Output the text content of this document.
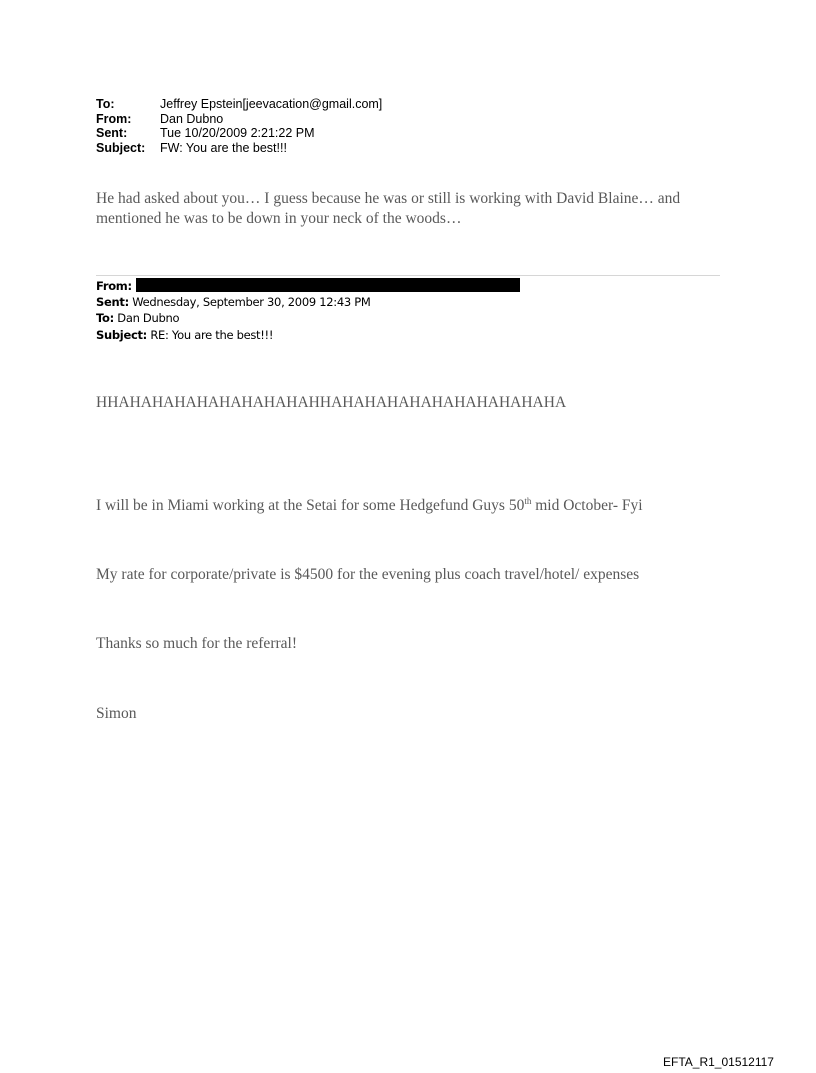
To:	Jeffrey Epstein[jeevacation@gmail.com]
From:	Dan Dubno
Sent:	Tue 10/20/2009 2:21:22 PM
Subject:	FW: You are the best!!!
He had asked about you… I guess because he was or still is working with David Blaine… and mentioned he was to be down in your neck of the woods…
From:
Sent: Wednesday, September 30, 2009 12:43 PM
To: Dan Dubno
Subject: RE: You are the best!!!
HHAHAHAHAHAHAHAHAHAHHAHAHAHAHAHAHAHAHAHAHA
I will be in Miami working at the Setai for some Hedgefund Guys 50th mid October- Fyi
My rate for corporate/private is $4500 for the evening plus coach travel/hotel/ expenses
Thanks so much for the referral!
Simon
EFTA_R1_01512117
